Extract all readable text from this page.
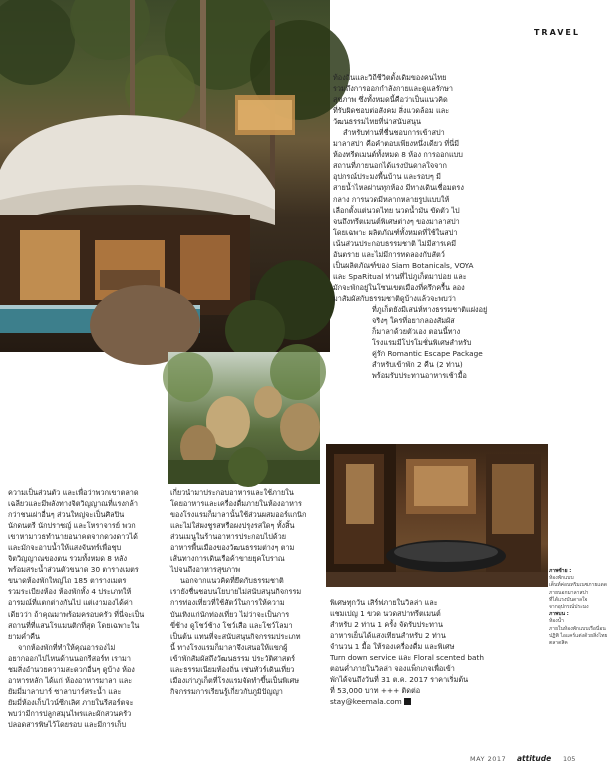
TRAVEL

ท้องถิ่นและวิถีชีวิตดั้งเดิมของคนไทย

รวมถึงการออกกำลังกายและดูแลรักษา

สุขภาพ ซึ่งทั้งหมดนี้คือว่าเป็นแนวคิด

ที่รับผิดชอบต่อสังคม สิ่งแวดล้อม และ

วัฒนธรรมไทยที่น่าสนับสนุน

สำหรับท่านที่ชื่นชอบการเข้าสปา

มาลาสปา คือคำตอบเพียงหนึ่งเดียว ที่นี่มี

ห้องทรีตเมนต์ทั้งหมด 8 ห้อง การออกแบบ

สถานที่ภายนอกได้แรงบันดาลใจจาก

อุปกรณ์ประมงพื้นบ้าน และรอบๆ มี

สายน้ำไหลผ่านทุกห้อง มีทางเดินเชื่อมตรง

กลาง การนวดมีหลากหลายรูปแบบให้

เลือกตั้งแต่นวดไทย นวดน้ำมัน ขัดตัว ไป

จนถึงทรีตเมนต์พิเศษต่างๆ ของมาลาสปา

โดยเฉพาะ ผลิตภัณฑ์ทั้งหมดที่ใช้ในสปา

เน้นส่วนประกอบธรรมชาติ ไม่มีสารเคมี

อันตราย และไม่มีการทดลองกับสัตว์

เป็นผลิตภัณฑ์ของ Siam Botanicals, VOYA

และ SpaRitual ท่านที่ไปภูเก็ตมาบ่อย และ

มักจะพักอยู่ในโซนเขตเมืองที่ครึกครื้น ลอง

มาสัมผัสกับธรรมชาติดูบ้างแล้วจะพบว่า

ที่ภูเก็ตยังมีเสน่ห์ทางธรรมชาติแฝงอยู่

จริงๆ ใครที่อยากลองสัมผัส

ก็มาลาด้วยตัวเอง ตอนนี้ทาง

โรงแรมมีโปรโมชั่นพิเศษสำหรับ

คู่รัก Romantic Escape Package

สำหรับเข้าพัก 2 คืน (2 ท่าน)

พร้อมรับประทานอาหารเช้ามื้อ

ความเป็นส่วนตัว และเพื่อว่าพวกเขาตลาด

เฉลียวและมีพลังทางจิตวิญญาณที่แรงกล้า

กว่าชนเผ่าอื่นๆ ส่วนใหญ่จะเป็นศิลปิน

นักดนตรี นักปราชญ์ และโหราจารย์ พวก

เขาหามาวธทำนายอนาคตจากดวงดาวได้

และมักจะอาบน้ำให้แสงจันทร์เพื่อชุบ

จิตวิญญาณของตน รวมทั้งหมด 8 หลัง

พร้อมสระน้ำส่วนตัวขนาด 30 ตารางเมตร

ขนาดห้องพักใหญ่ไถ 185 ตารางเมตร

รวมระเบียงห้อง ห้องพักทั้ง 4 ประเภทให้

อารมณ์ที่แตกต่างกันไป แต่เงามองได้ค่า

เดียวว่า ถ้าคุณมาพร้อมครอบครัว ที่นี่จะเป็น

สถานที่ที่แสนโรแมนติกที่สุด โดยเฉพาะใน

ยามค่ำคืน

จากห้องพักที่ทำให้คุณอารองไม่

อยากออกไปไหนด้านนอกรีสอร์ท เรามา

ชมสิ่งอำนวยความสะดวกอื่นๆ ดูบ้าง ห้อง

อาหารหลัก ได้แก่ ห้องอาหารมาลา และ

ยัมมี่มาลาบาร์ ซาลาบาร์สระน้ำ และ

ยัมมี่ห้องเก็บไวน์ซีกเลิศ ภายในรีสอร์ตจะ

พบว่ามีการปลูกสมุนไพรและผักสวนครัว

ปลอดสารพิษไว้โดยรอบ และมีการเก็บ

เกี่ยวนำมาประกอบอาหารและใช้ภายใน

โดยอาหารและเครื่องดื่มภายในห้องอาหาร

ของโรงแรมก็มาลานั้นใช้ส่วนผสมออร์แกนิก

และไม่ใส่ผงชูรสหรือผงปรุงรสใดๆ ทั้งสิ้น

ส่วนเมนูในร้านอาหารประกอบไปด้วย

อาหารพื้นเมืองของวัฒนธรรมต่างๆ ตาม

เส้นทางการเดินเรือค้าขายยุคโบราณ

ไปจนถึงอาหารสุขภาพ

นอกจากแนวคิดที่ยึดกับธรรมชาติ

เรายังชื่นชอบนโยบายไม่สนับสนุนกิจกรรม

การท่องเที่ยวที่ใช้สัตว์ในการให้ความ

บันเทิงแก่นักท่องเที่ยว ไม่ว่าจะเป็นการ

ขี่ช้าง ดูโชว์ช้าง โชว์เสือ และโชว์โลมา

เป็นต้น แทนที่จะสนับสนุนกิจกรรมประเภท

นี้ ทางโรงแรมก็มาลาจึงเสนอให้แขกผู้

เข้าพักสัมผัสถึงวัฒนธรรม ประวัติศาสตร์

และธรรมเนียมท้องถิ่น เช่นทัวร์เดินเที่ยว

เมืองเก่าภูเก็ตที่โรงแรมจัดทำขึ้นเป็นพิเศษ

กิจกรรมการเรียนรู้เกี่ยวกับภูมิปัญญา

พิเศษทุกวัน เสิร์ฟภายในวิลล่า และ

แชมเปญ 1 ขวด นวดสปาทรีตเมนต์

สำหรับ 2 ท่าน 1 ครั้ง จัดรับประทาน

อาหารเย็นได้แสงเทียนสำหรับ 2 ท่าน

จำนวน 1 มื้อ ให้รองเครื่องดื่ม และพิเศษ

Turn down service และ Floral scented bath

ตอนค่ำภายในวิลล่า จองแพ็กเกจเพื่อเข้า

พักได้จนถึงวันที่ 31 ต.ค. 2017 ราคาเริ่มต้น

ที่ 53,000 บาท +++ ติดต่อ

stay@keemala.com

ภาพซ้าย :

ห้องพักแบบ

เต็นท์ค่อนทริมเนซภายแดด

ภายนอกมาลาสปา

ที่ได้แรงบันดาลใจ

จากอุปกรณ์ประมง

ภาพบน :

ห้องน้ำ

ภายในห้องพักแบบเรือนี่อน

ปฏิพิ ไอแคร์แต่งด้วยสิ่งไทย

ตลาดสิค

MAY 2017 attitude 105
